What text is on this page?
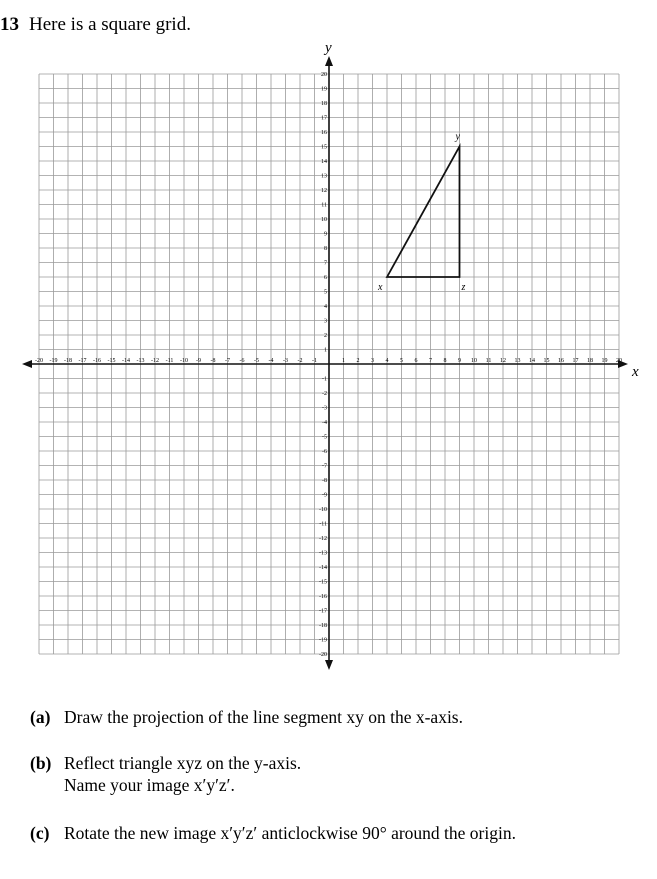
13 Here is a square grid.
x
y
-20 -19 -18 -17 -16 -15 -14 -13 -12 -11 -10 -9 -8 -7 -6 -5 -4 -3 -2 -1	1 2 3 4 5 6 7 8 9 10 11 12 13 14 15 16 17 18 19 20
20
19
18
17
16
15
14
13
12
11
10
9
8
7
6
5
4
3
2
1
-1
-2
-3
-4
-5
-6
-7
-8
-9
-10
-11
-12
-13
-14
-15
-16
-17
-18
-19
-20
x
y
z
(a) Draw the projection of the line segment xy on the x-axis.
(b) Reflect triangle xyz on the y-axis.
Name your image x′y′z′.
(c) Rotate the new image x′y′z′ anticlockwise 90° around the origin.
